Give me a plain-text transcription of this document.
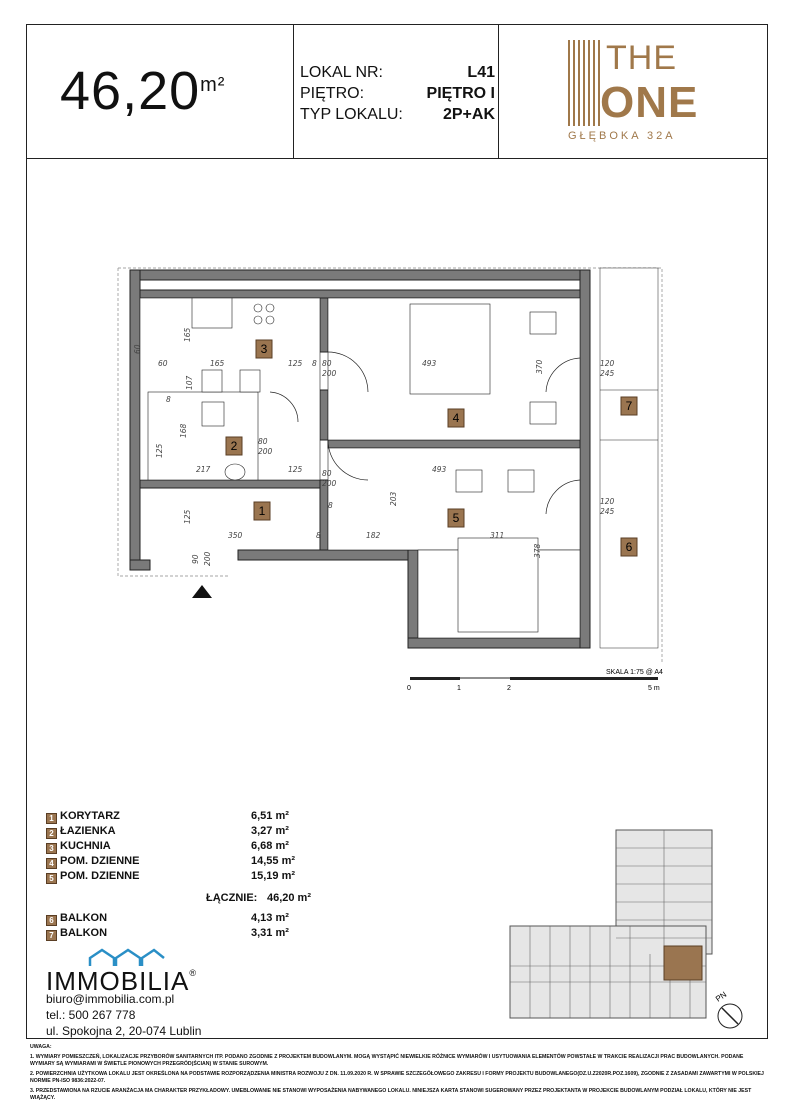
$46,20^{m^2}$
LOKAL NR:	L41
PIĘTRO:	PIĘTRO I
TYP LOKALU:	2P+AK
THE
ONE
GŁĘBOKA 32A
1
2
3
4
5
6
7
165
165	125 8 80
200
493	370	120
245
60
107
80
200
168
125
217	125	80
200
493
203	120
245
125
350	8	182	311
378
90 200
8
60
8
SKALA 1:75 @ A4
0	1	2	5 m
1 KORYTARZ	6,51 m²
2 ŁAZIENKA	3,27 m²
3 KUCHNIA	6,68 m²
4 POM. DZIENNE	14,55 m²
5 POM. DZIENNE	15,19 m²
6 BALKON	4,13 m²
7 BALKON	3,31 m²
ŁĄCZNIE: 46,20 m²
IMMOBILIA®
biuro@immobilia.com.pl
tel.: 500 267 778
ul. Spokojna 2, 20-074 Lublin
PN

UWAGA:

1. WYMIARY POMIESZCZEŃ, LOKALIZACJE PRZYBORÓW SANITARNYCH ITP. PODANO ZGODNIE Z PROJEKTEM BUDOWLANYM. MOGĄ WYSTĄPIĆ NIEWIELKIE RÓŻNICE WYMIARÓW I USYTUOWANIA ELEMENTÓW POWSTAŁE W TRAKCIE REALIZACJI PRAC BUDOWLANYCH. PODANE WYMIARY SĄ WYMIARAMI W ŚWIETLE PIONOWYCH PRZEGRÓD(ŚCIAN) W STANIE SUROWYM.

2. POWIERZCHNIA UŻYTKOWA LOKALU JEST OKREŚLONA NA PODSTAWIE ROZPORZĄDZENIA MINISTRA ROZWOJU Z DN. 11.09.2020 R. W SPRAWIE SZCZEGÓŁOWEGO ZAKRESU I FORMY PROJEKTU BUDOWLANEGO(DZ.U.Z2020R.POZ.1609), ZGODNIE Z ZASADAMI ZAWARTYMI W POLSKIEJ NORMIE PN-ISO 9836:2022-07.

3. PRZEDSTAWIONA NA RZUCIE ARANŻACJA MA CHARAKTER PRZYKŁADOWY. UMEBLOWANIE NIE STANOWI WYPOSAŻENIA NABYWANEGO LOKALU. NINIEJSZA KARTA STANOWI SUGEROWANY PRZEZ PROJEKTANTA W PROJEKCIE BUDOWLANYM PODZIAŁ LOKALU, KTÓRY NIE JEST WIĄŻĄCY.
